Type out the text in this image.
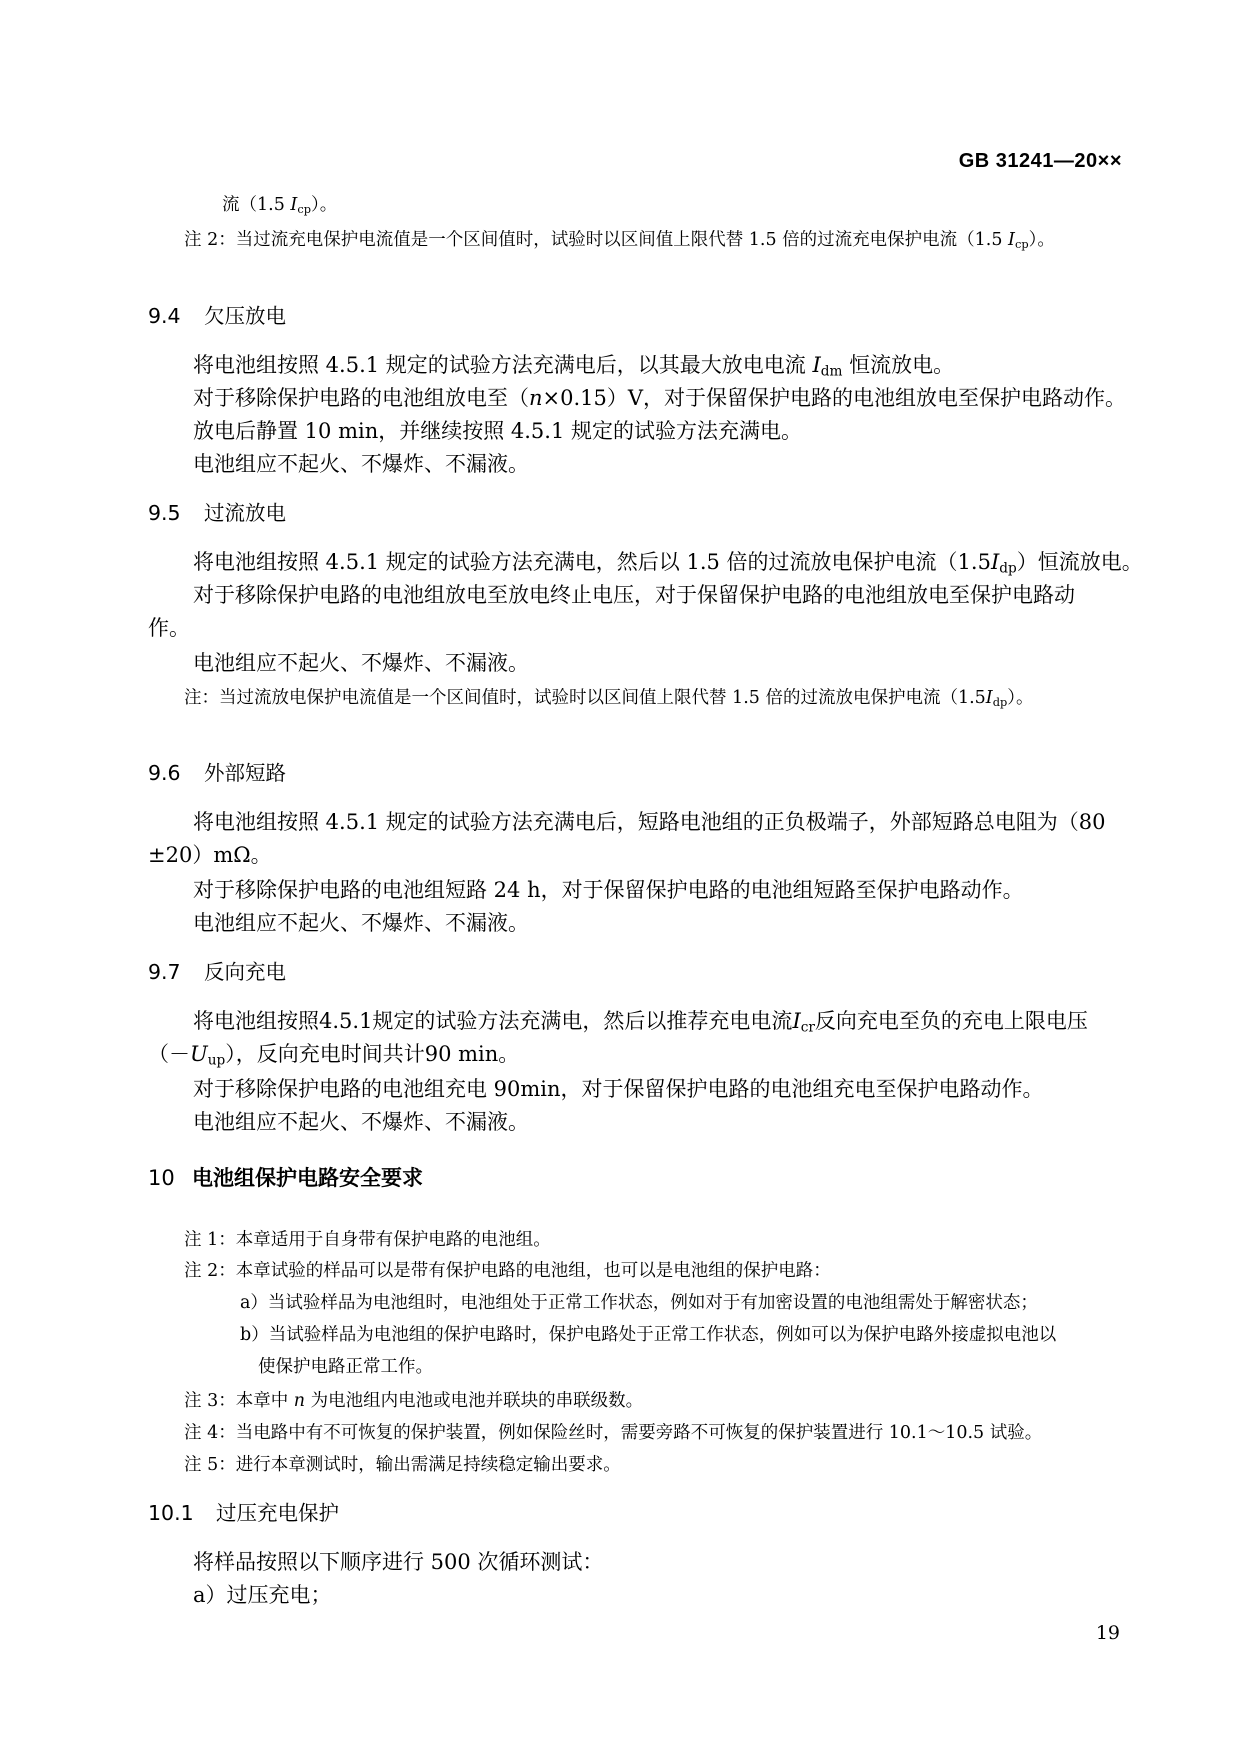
GB 31241—20××
流（1.5 $I_{cp}$）。
注 2：当过流充电保护电流值是一个区间值时，试验时以区间值上限代替 1.5 倍的过流充电保护电流（1.5 $I_{cp}$）。
9.4 欠压放电
将电池组按照 4.5.1 规定的试验方法充满电后，以其最大放电电流 $I_{dm}$ 恒流放电。
对于移除保护电路的电池组放电至（n×0.15）V，对于保留保护电路的电池组放电至保护电路动作。
放电后静置 10 min，并继续按照 4.5.1 规定的试验方法充满电。
电池组应不起火、不爆炸、不漏液。
9.5 过流放电
将电池组按照 4.5.1 规定的试验方法充满电，然后以 1.5 倍的过流放电保护电流$(1.5I_{dp})$恒流放电。
对于移除保护电路的电池组放电至放电终止电压，对于保留保护电路的电池组放电至保护电路动
作。
电池组应不起火、不爆炸、不漏液。
注：当过流放电保护电流值是一个区间值时，试验时以区间值上限代替 1.5 倍的过流放电保护电流$(1.5I_{dp})$。
9.6 外部短路
将电池组按照 4.5.1 规定的试验方法充满电后，短路电池组的正负极端子，外部短路总电阻为（80
±20）mΩ。
对于移除保护电路的电池组短路 24 h，对于保留保护电路的电池组短路至保护电路动作。
电池组应不起火、不爆炸、不漏液。
9.7 反向充电
将电池组按照4.5.1规定的试验方法充满电，然后以推荐充电电流$I_{cr}$反向充电至负的充电上限电压
$(-U_{up})$，反向充电时间共计90 min。
对于移除保护电路的电池组充电 90min，对于保留保护电路的电池组充电至保护电路动作。
电池组应不起火、不爆炸、不漏液。
10 电池组保护电路安全要求
注 1：本章适用于自身带有保护电路的电池组。
注 2：本章试验的样品可以是带有保护电路的电池组，也可以是电池组的保护电路：
a）当试验样品为电池组时，电池组处于正常工作状态，例如对于有加密设置的电池组需处于解密状态；
b）当试验样品为电池组的保护电路时，保护电路处于正常工作状态，例如可以为保护电路外接虚拟电池以
使保护电路正常工作。
注 3：本章中 n 为电池组内电池或电池并联块的串联级数。
注 4：当电路中有不可恢复的保护装置，例如保险丝时，需要旁路不可恢复的保护装置进行 10.1～10.5 试验。
注 5：进行本章测试时，输出需满足持续稳定输出要求。
10.1 过压充电保护
将样品按照以下顺序进行 500 次循环测试：
a）过压充电；
19
